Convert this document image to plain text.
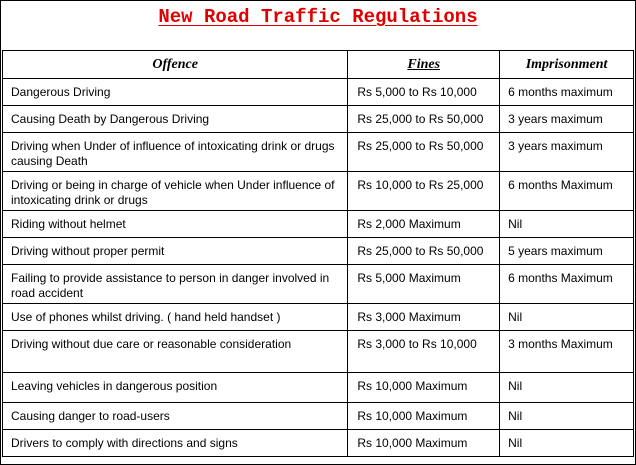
New Road Traffic Regulations
Offence	Fines	Imprisonment
Dangerous Driving	Rs 5,000 to Rs 10,000	6 months maximum
Causing Death by Dangerous Driving	Rs 25,000 to Rs 50,000	3 years maximum
Driving when Under of influence of intoxicating drink or drugs causing Death	Rs 25,000 to Rs 50,000	3 years maximum
Driving or being in charge of vehicle when Under influence of intoxicating drink or drugs	Rs 10,000 to Rs 25,000	6 months Maximum
Riding without helmet	Rs 2,000 Maximum	Nil
Driving without proper permit	Rs 25,000 to Rs 50,000	5 years maximum
Failing to provide assistance to person in danger involved in road accident	Rs 5,000 Maximum	6 months Maximum
Use of phones whilst driving. ( hand held handset )	Rs 3,000 Maximum	Nil
Driving without due care or reasonable consideration	Rs 3,000 to Rs 10,000	3 months Maximum
Leaving vehicles in dangerous position	Rs 10,000 Maximum	Nil
Causing danger to road-users	Rs 10,000 Maximum	Nil
Drivers to comply with directions and signs	Rs 10,000 Maximum	Nil
